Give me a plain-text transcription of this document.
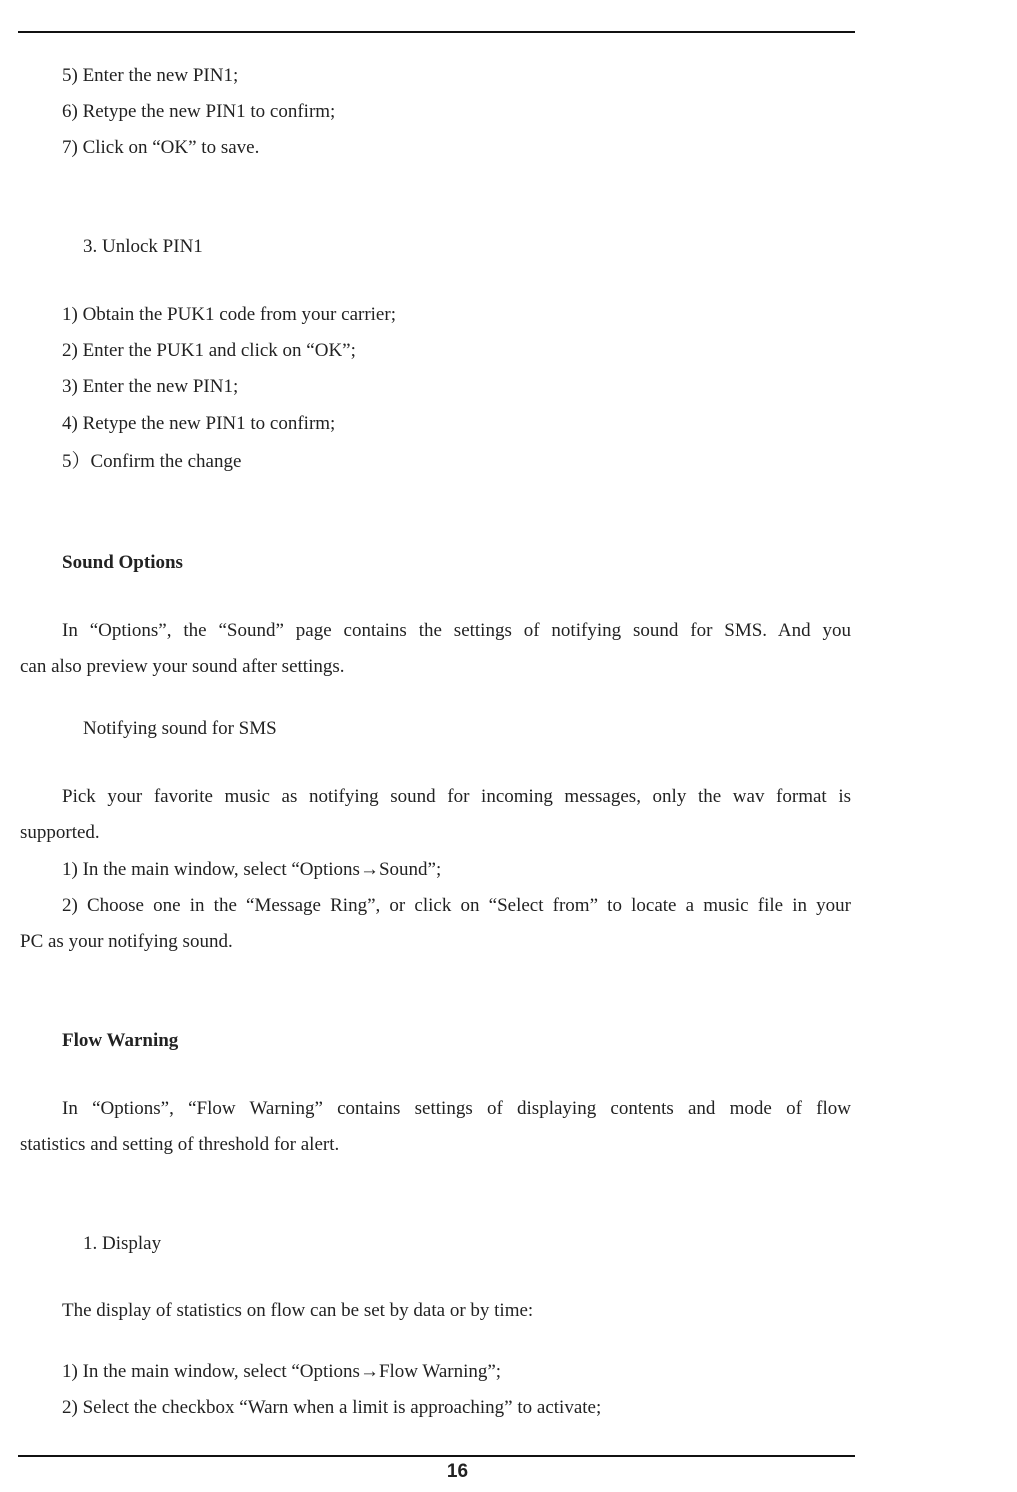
5) Enter the new PIN1;

6) Retype the new PIN1 to confirm;

7) Click on “OK” to save.

3. Unlock PIN1

1) Obtain the PUK1 code from your carrier;

2) Enter the PUK1 and click on “OK”;

3) Enter the new PIN1;

4) Retype the new PIN1 to confirm;

5）Confirm the change

Sound Options

In “Options”, the “Sound” page contains the settings of notifying sound for SMS. And you

can also preview your sound after settings.

Notifying sound for SMS

Pick your favorite music as notifying sound for incoming messages, only the wav format is

supported.

1) In the main window, select “Options→Sound”;

2) Choose one in the “Message Ring”, or click on “Select from” to locate a music file in your

PC as your notifying sound.

Flow Warning

In “Options”, “Flow Warning” contains settings of displaying contents and mode of flow

statistics and setting of threshold for alert.

1. Display

The display of statistics on flow can be set by data or by time:

1) In the main window, select “Options→Flow Warning”;

2) Select the checkbox “Warn when a limit is approaching” to activate;

16
